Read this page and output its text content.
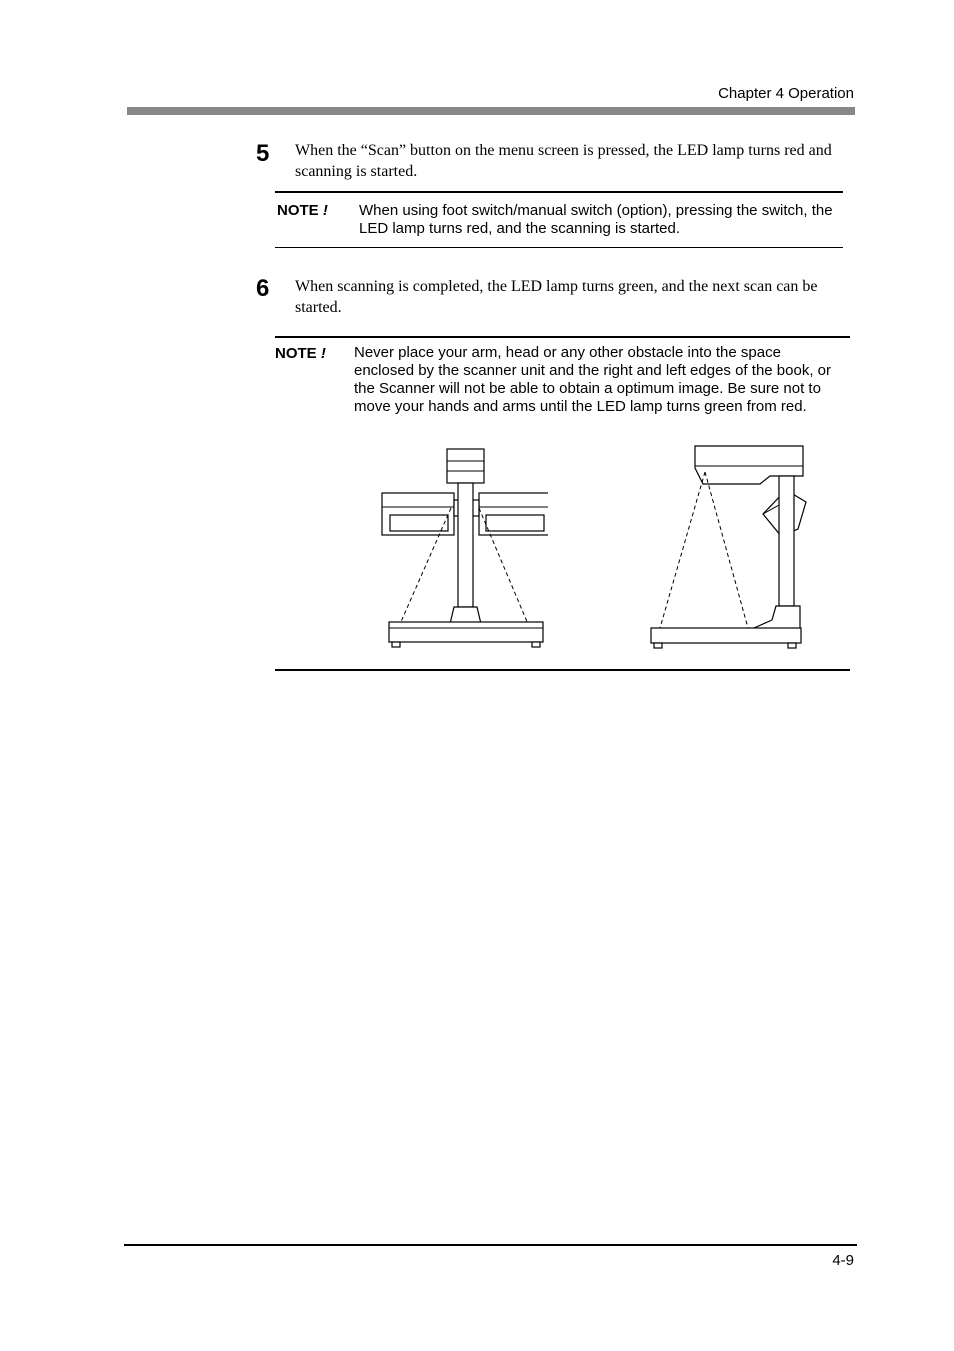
Chapter 4 Operation
5 When the “Scan” button on the menu screen is pressed, the LED lamp turns red and scanning is started.
NOTE ! When using foot switch/manual switch (option), pressing the switch, the LED lamp turns red, and the scanning is started.
6 When scanning is completed, the LED lamp turns green, and the next scan can be started.
NOTE ! Never place your arm, head or any other obstacle into the space enclosed by the scanner unit and the right and left edges of the book, or the Scanner will not be able to obtain a optimum image. Be sure not to move your hands and arms until the LED lamp turns green from red.
4-9
